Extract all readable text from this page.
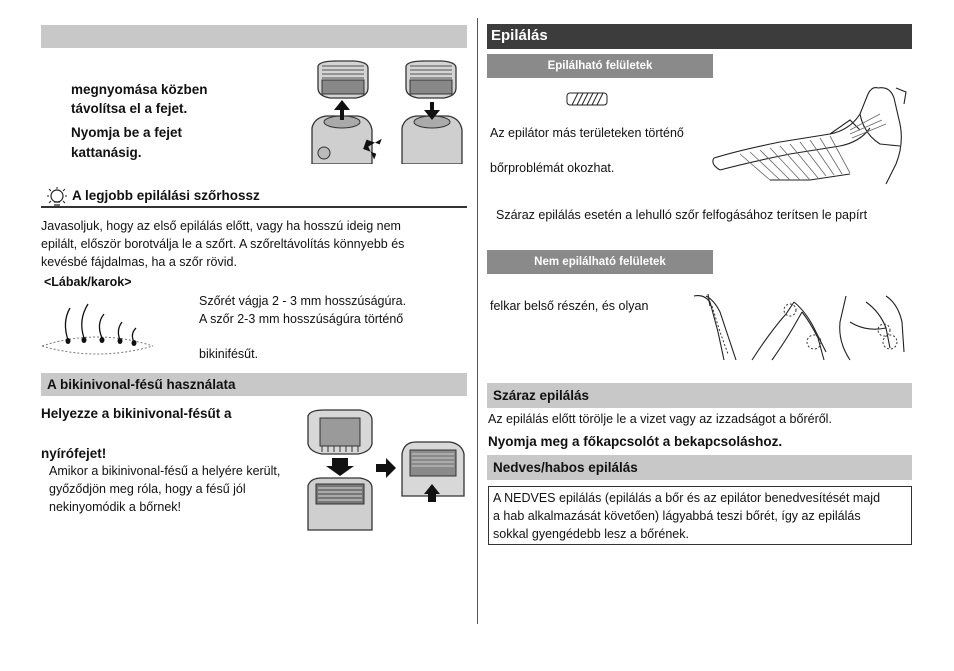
megnyomása közben
távolítsa el a fejet.
Nyomja be a fejet
kattanásig.
A legjobb epilálási szőrhossz
Javasoljuk, hogy az első epilálás előtt, vagy ha hosszú ideig nem
epilált, először borotválja le a szőrt. A szőreltávolítás könnyebb és
kevésbé fájdalmas, ha a szőr rövid.
<Lábak/karok>
Szőrét vágja 2 - 3 mm hosszúságúra.
A szőr 2-3 mm hosszúságúra történő
bikinifésűt.
A bikinivonal-fésű használata
Helyezze a bikinivonal-fésűt a
nyírófejet!
Amikor a bikinivonal-fésű a helyére került,
győződjön meg róla, hogy a fésű jól
nekinyomódik a bőrnek!
Epilálás
Epilálható felületek
Az epilátor más területeken történő
bőrproblémát okozhat.
Száraz epilálás esetén a lehulló szőr felfogásához terítsen le papírt
Nem epilálható felületek
felkar belső részén, és olyan
Száraz epilálás
Az epilálás előtt törölje le a vizet vagy az izzadságot a bőréről.
Nyomja meg a főkapcsolót a bekapcsoláshoz.
Nedves/habos epilálás
A NEDVES epilálás (epilálás a bőr és az epilátor benedvesítését majd
a hab alkalmazását követően) lágyabbá teszi bőrét, így az epilálás
sokkal gyengédebb lesz a bőrének.
